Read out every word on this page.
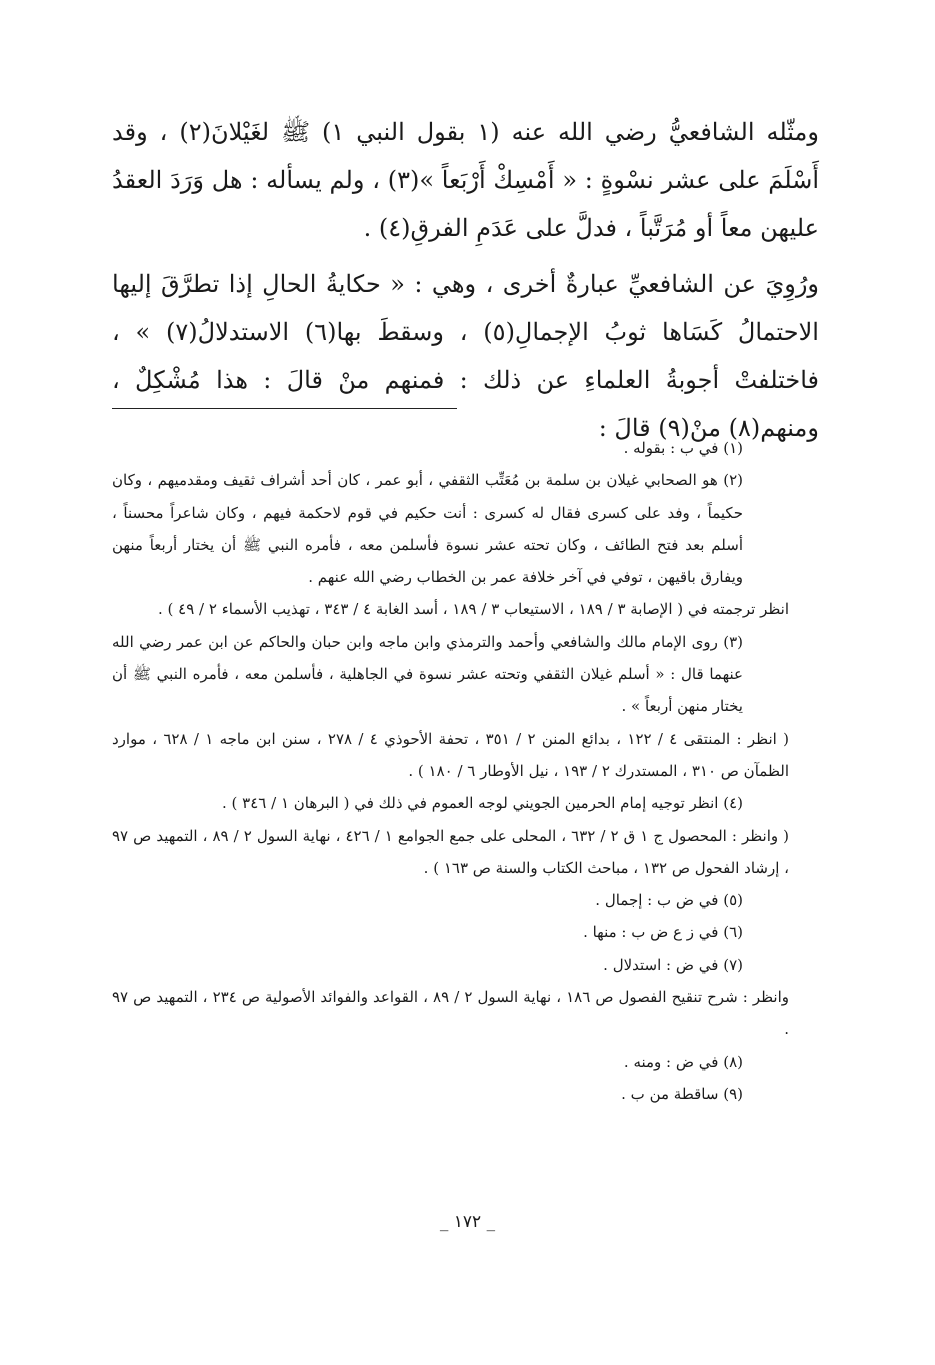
ومثّله الشافعيُّ رضي الله عنه (١ بقول النبي ١) ﷺ لغَيْلانَ(٢) ، وقد أَسْلَمَ على عشر نسْوةٍ : « أَمْسِكْ أَرْبَعاً »(٣) ، ولم يسأله : هل وَرَدَ العقدُ عليهن معاً أو مُرَتَّباً ، فدلَّ على عَدَمِ الفرقِ(٤) .

ورُوِيَ عن الشافعيِّ عبارةٌ أخرى ، وهي : « حكايةُ الحالِ إذا تطرَّقَ إليها الاحتمالُ كَسَاها ثوبُ الإجمالِ(٥) ، وسقطَ بها(٦) الاستدلالُ(٧) » ، فاختلفتْ أجوبةُ العلماءِ عن ذلك : فمنهم منْ قالَ : هذا مُشْكِلٌ ، ومنهم(٨) منْ(٩) قالَ :

(١) في ب : بقوله .

(٢) هو الصحابي غيلان بن سلمة بن مُعَتِّب الثقفي ، أبو عمر ، كان أحد أشراف ثقيف ومقدميهم ، وكان حكيماً ، وفد على كسرى فقال له كسرى : أنت حكيم في قوم لاحكمة فيهم ، وكان شاعراً محسناً ، أسلم بعد فتح الطائف ، وكان تحته عشر نسوة فأسلمن معه ، فأمره النبي ﷺ أن يختار أربعاً منهن ويفارق باقيهن ، توفي في آخر خلافة عمر بن الخطاب رضي الله عنهم .

انظر ترجمته في ( الإصابة ٣ / ١٨٩ ، الاستيعاب ٣ / ١٨٩ ، أسد الغابة ٤ / ٣٤٣ ، تهذيب الأسماء ٢ / ٤٩ ) .

(٣) روى الإمام مالك والشافعي وأحمد والترمذي وابن ماجه وابن حبان والحاكم عن ابن عمر رضي الله عنهما قال : « أسلم غيلان الثقفي وتحته عشر نسوة في الجاهلية ، فأسلمن معه ، فأمره النبي ﷺ أن يختار منهن أربعاً » .

( انظر : المنتقى ٤ / ١٢٢ ، بدائع المنن ٢ / ٣٥١ ، تحفة الأحوذي ٤ / ٢٧٨ ، سنن ابن ماجه ١ / ٦٢٨ ، موارد الظمآن ص ٣١٠ ، المستدرك ٢ / ١٩٣ ، نيل الأوطار ٦ / ١٨٠ ) .

(٤) انظر توجيه إمام الحرمين الجويني لوجه العموم في ذلك في ( البرهان ١ / ٣٤٦ ) .

( وانظر : المحصول ج ١ ق ٢ / ٦٣٢ ، المحلى على جمع الجوامع ١ / ٤٢٦ ، نهاية السول ٢ / ٨٩ ، التمهيد ص ٩٧ ، إرشاد الفحول ص ١٣٢ ، مباحث الكتاب والسنة ص ١٦٣ ) .

(٥) في ض ب : إجمال .

(٦) في ز ع ض ب : منها .

(٧) في ض : استدلال .

وانظر : شرح تنقيح الفصول ص ١٨٦ ، نهاية السول ٢ / ٨٩ ، القواعد والفوائد الأصولية ص ٢٣٤ ، التمهيد ص ٩٧ .

(٨) في ض : ومنه .

(٩) ساقطة من ب .

_ ١٧٢ _
